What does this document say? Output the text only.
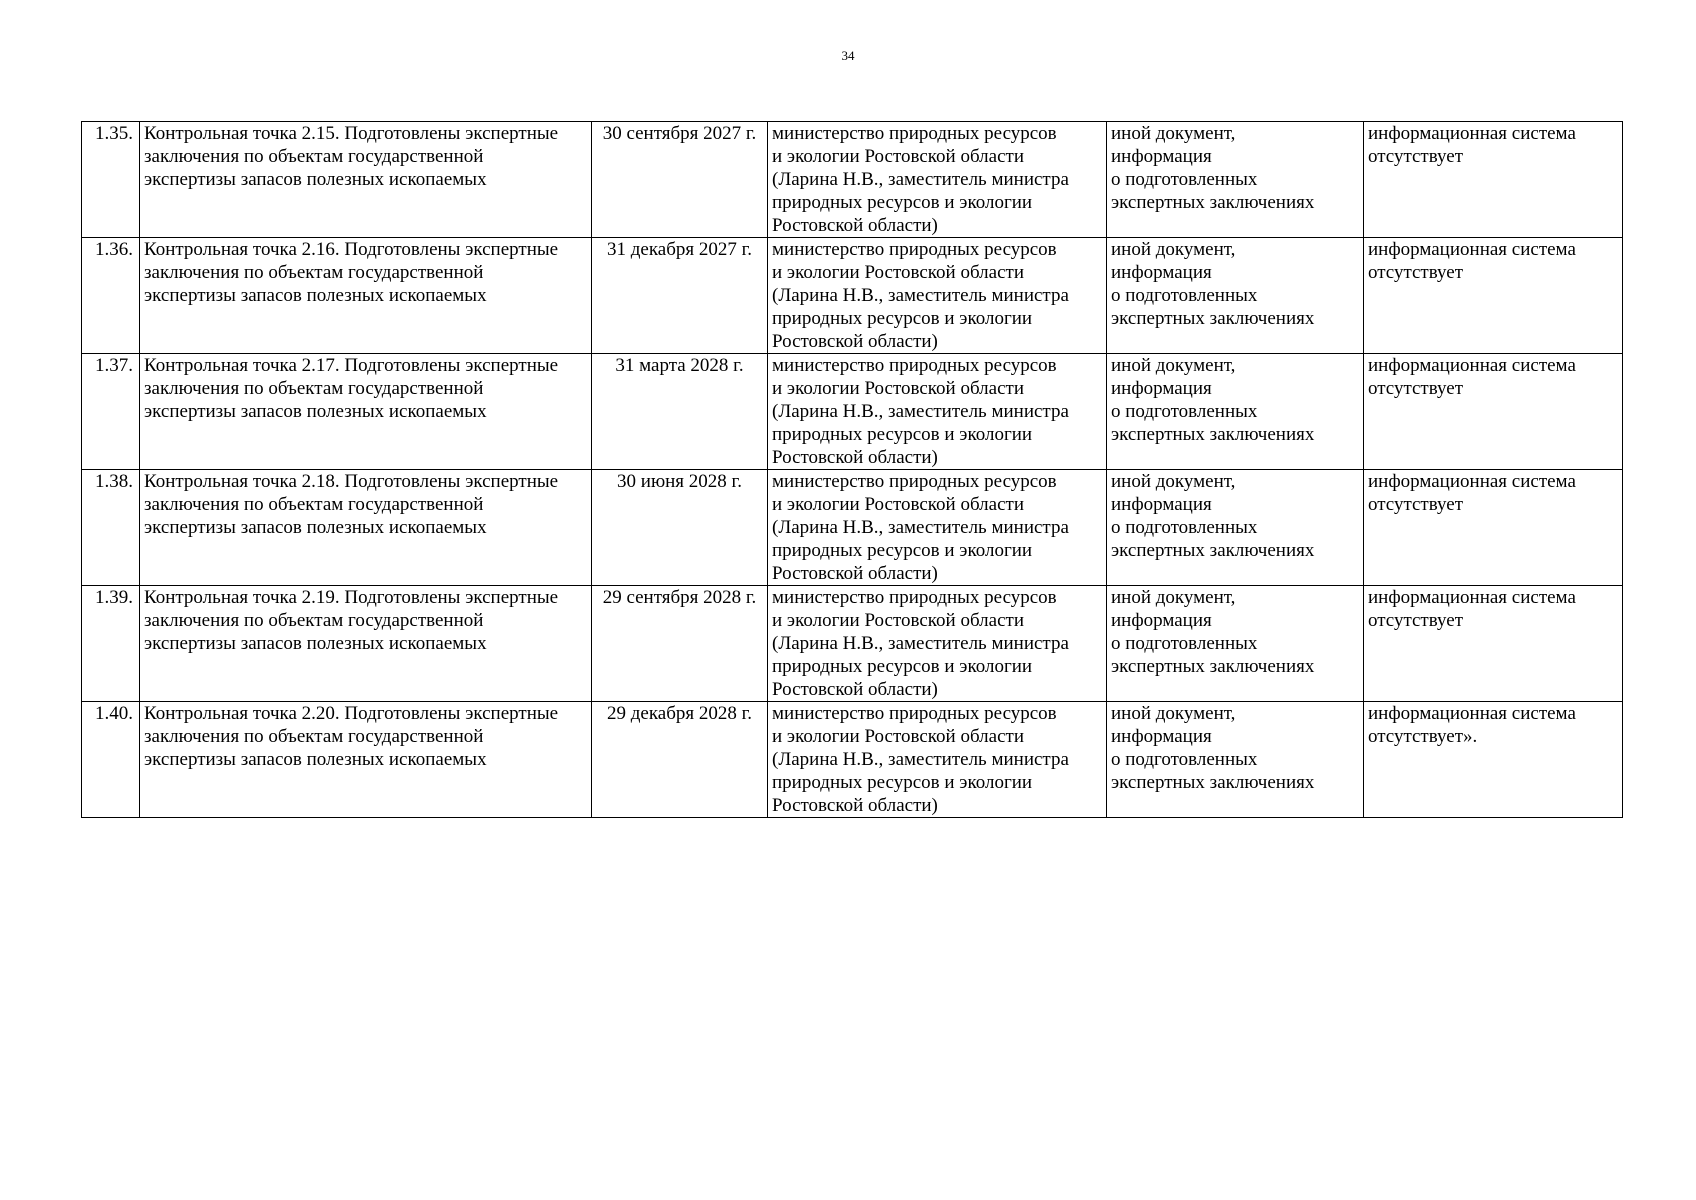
34
1.35.	Контрольная точка 2.15. Подготовлены экспертные
заключения по объектам государственной
экспертизы запасов полезных ископаемых	30 сентября 2027 г.	министерство природных ресурсов
и экологии Ростовской области
(Ларина Н.В., заместитель министра
природных ресурсов и экологии
Ростовской области)	иной документ,
информация
о подготовленных
экспертных заключениях	информационная система
отсутствует

1.36.	Контрольная точка 2.16. Подготовлены экспертные
заключения по объектам государственной
экспертизы запасов полезных ископаемых	31 декабря 2027 г.	министерство природных ресурсов
и экологии Ростовской области
(Ларина Н.В., заместитель министра
природных ресурсов и экологии
Ростовской области)	иной документ,
информация
о подготовленных
экспертных заключениях	информационная система
отсутствует

1.37.	Контрольная точка 2.17. Подготовлены экспертные
заключения по объектам государственной
экспертизы запасов полезных ископаемых	31 марта 2028 г.	министерство природных ресурсов
и экологии Ростовской области
(Ларина Н.В., заместитель министра
природных ресурсов и экологии
Ростовской области)	иной документ,
информация
о подготовленных
экспертных заключениях	информационная система
отсутствует

1.38.	Контрольная точка 2.18. Подготовлены экспертные
заключения по объектам государственной
экспертизы запасов полезных ископаемых	30 июня 2028 г.	министерство природных ресурсов
и экологии Ростовской области
(Ларина Н.В., заместитель министра
природных ресурсов и экологии
Ростовской области)	иной документ,
информация
о подготовленных
экспертных заключениях	информационная система
отсутствует

1.39.	Контрольная точка 2.19. Подготовлены экспертные
заключения по объектам государственной
экспертизы запасов полезных ископаемых	29 сентября 2028 г.	министерство природных ресурсов
и экологии Ростовской области
(Ларина Н.В., заместитель министра
природных ресурсов и экологии
Ростовской области)	иной документ,
информация
о подготовленных
экспертных заключениях	информационная система
отсутствует

1.40.	Контрольная точка 2.20. Подготовлены экспертные
заключения по объектам государственной
экспертизы запасов полезных ископаемых	29 декабря 2028 г.	министерство природных ресурсов
и экологии Ростовской области
(Ларина Н.В., заместитель министра
природных ресурсов и экологии
Ростовской области)	иной документ,
информация
о подготовленных
экспертных заключениях	информационная система
отсутствует».
